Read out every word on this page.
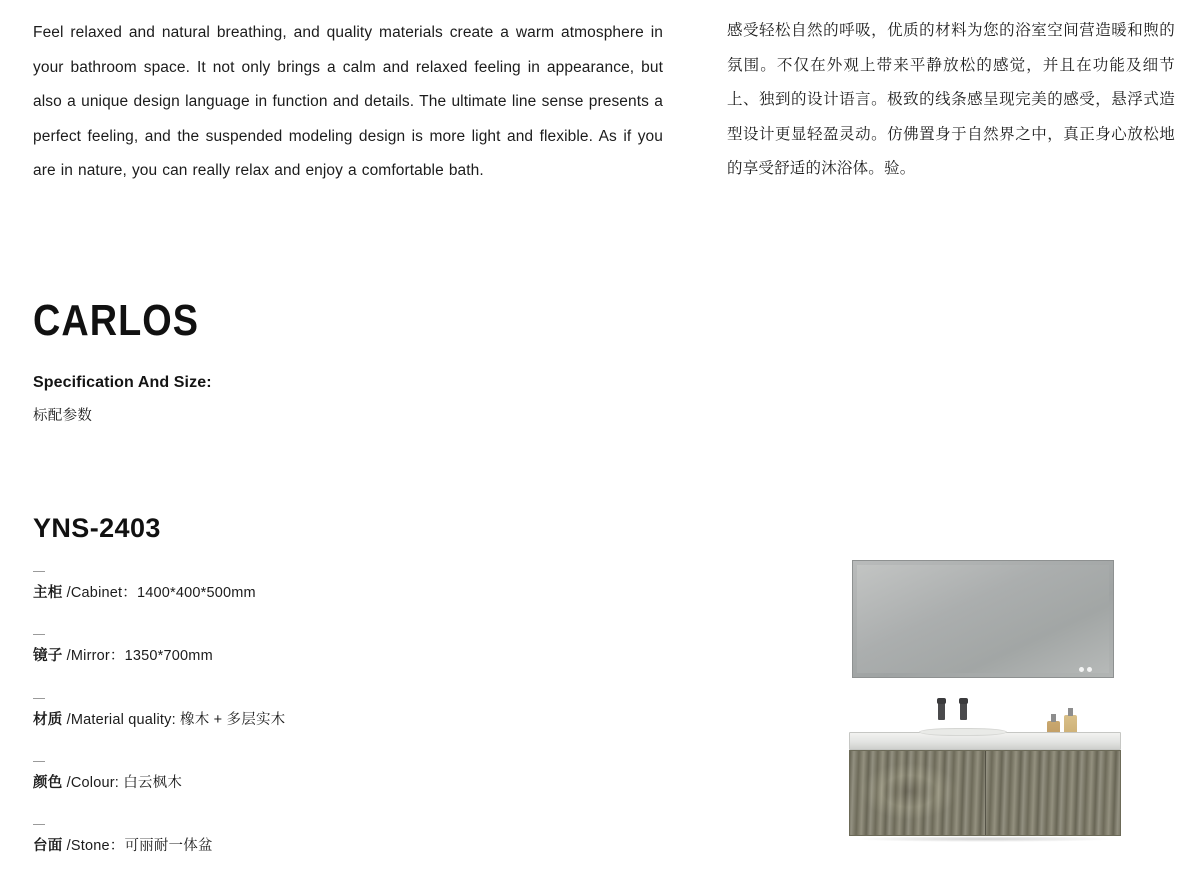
Feel relaxed and natural breathing, and quality materials create a warm atmosphere in your bathroom space. It not only brings a calm and relaxed feeling in appearance, but also a unique design language in function and details. The ultimate line sense presents a perfect feeling, and the suspended modeling design is more light and flexible. As if you are in nature, you can really relax and enjoy a comfortable bath.
感受轻松自然的呼吸，优质的材料为您的浴室空间营造暖和煦的氛围。不仅在外观上带来平静放松的感觉，并且在功能及细节上、独到的设计语言。极致的线条感呈现完美的感受，悬浮式造型设计更显轻盈灵动。仿佛置身于自然界之中，真正身心放松地的享受舒适的沐浴体。验。
CARLOS
Specification And Size:
标配参数
YNS-2403
主柜 /Cabinet：1400*400*500mm
镜子 /Mirror：1350*700mm
材质 /Material quality: 橡木 + 多层实木
颜色 /Colour: 白云枫木
台面 /Stone：可丽耐一体盆
